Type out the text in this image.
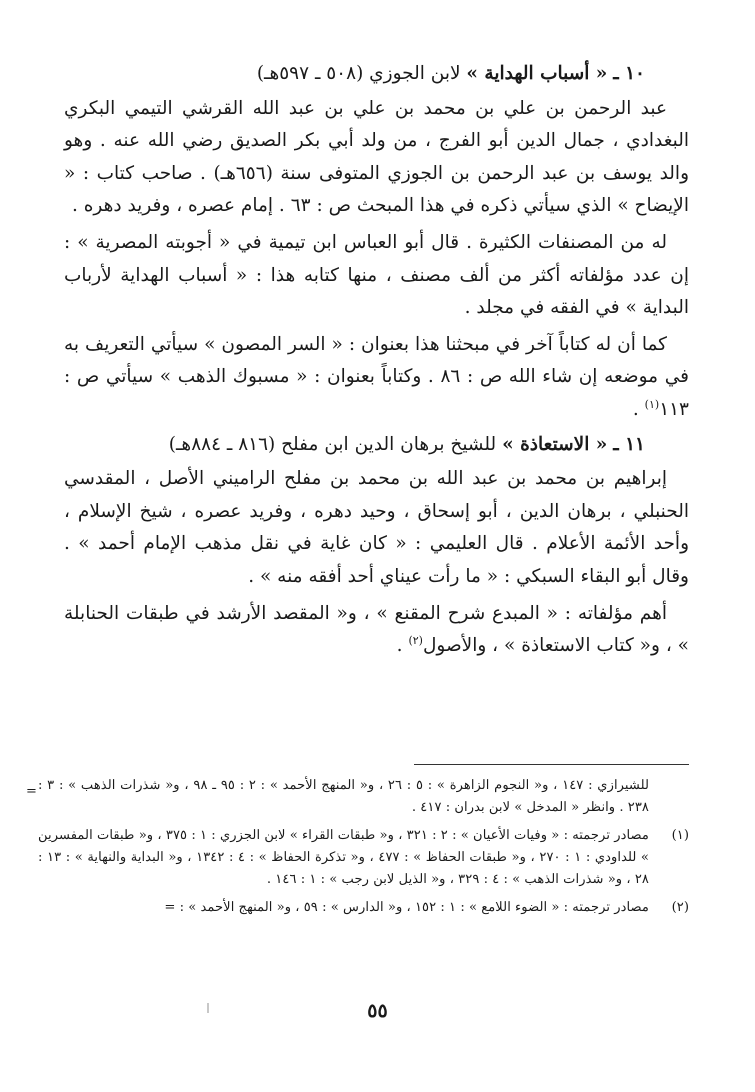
١٠ ـ « أسباب الهداية » لابن الجوزي (٥٠٨ ـ ٥٩٧هـ)

عبد الرحمن بن علي بن محمد بن علي بن عبد الله القرشي التيمي البكري البغدادي ، جمال الدين أبو الفرج ، من ولد أبي بكر الصديق رضي الله عنه . وهو والد يوسف بن عبد الرحمن بن الجوزي المتوفى سنة (٦٥٦هـ) . صاحب كتاب : « الإيضاح » الذي سيأتي ذكره في هذا المبحث ص : ٦٣ . إمام عصره ، وفريد دهره .

له من المصنفات الكثيرة . قال أبو العباس ابن تيمية في « أجوبته المصرية » : إن عدد مؤلفاته أكثر من ألف مصنف ، منها كتابه هذا : « أسباب الهداية لأرباب البداية » في الفقه في مجلد .

كما أن له كتاباً آخر في مبحثنا هذا بعنوان : « السر المصون » سيأتي التعريف به في موضعه إن شاء الله ص : ٨٦ . وكتاباً بعنوان : « مسبوك الذهب » سيأتي ص : ١١٣$^{(١)}$ .

١١ ـ « الاستعاذة » للشيخ برهان الدين ابن مفلح (٨١٦ ـ ٨٨٤هـ)

إبراهيم بن محمد بن عبد الله بن محمد بن مفلح الراميني الأصل ، المقدسي الحنبلي ، برهان الدين ، أبو إسحاق ، وحيد دهره ، وفريد عصره ، شيخ الإسلام ، وأحد الأئمة الأعلام . قال العليمي : « كان غاية في نقل مذهب الإمام أحمد » . وقال أبو البقاء السبكي : « ما رأت عيناي أحد أفقه منه » .

أهم مؤلفاته : « المبدع شرح المقنع » ، و« المقصد الأرشد في طبقات الحنابلة » ، و« كتاب الاستعاذة » ، والأصول$^{(٢)}$ .

للشيرازي : ١٤٧ ، و« النجوم الزاهرة » : ٥ : ٢٦ ، و« المنهج الأحمد » : ٢ : ٩٥ ـ ٩٨ ، و« شذرات الذهب » : ٣ : ٢٣٨ . وانظر « المدخل » لابن بدران : ٤١٧ .
(١)
مصادر ترجمته : « وفيات الأعيان » : ٢ : ٣٢١ ، و« طبقات القراء » لابن الجزري : ١ : ٣٧٥ ، و« طبقات المفسرين » للداودي : ١ : ٢٧٠ ، و« طبقات الحفاظ » : ٤٧٧ ، و« تذكرة الحفاظ » : ٤ : ١٣٤٢ ، و« البداية والنهاية » : ١٣ : ٢٨ ، و« شذرات الذهب » : ٤ : ٣٢٩ ، و« الذيل لابن رجب » : ١ : ١٤٦ .
(٢)
مصادر ترجمته : « الضوء اللامع » : ١ : ١٥٢ ، و« الدارس » : ٥٩ ، و« المنهج الأحمد » : =
=
٥٥
